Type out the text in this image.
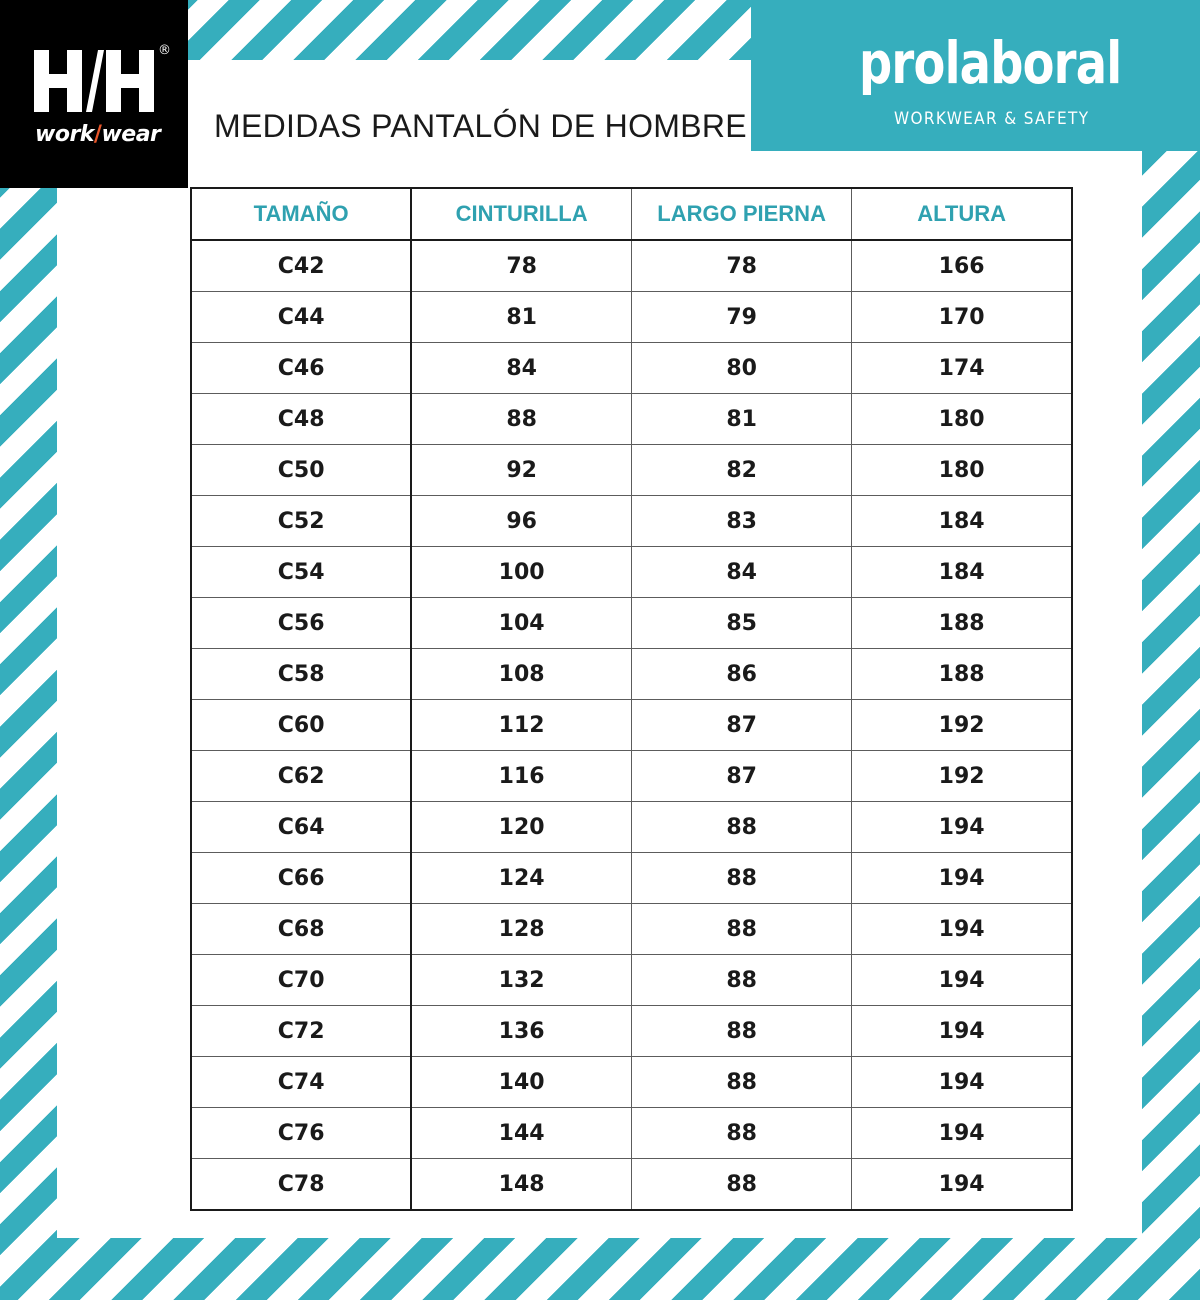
®
work/wear MEDIDAS PANTALÓN DE HOMBRE
prolaboral
WORKWEAR & SAFETY
TAMAÑO	CINTURILLA	LARGO PIERNA	ALTURA
C42	78	78	166
C44	81	79	170
C46	84	80	174
C48	88	81	180
C50	92	82	180
C52	96	83	184
C54	100	84	184
C56	104	85	188
C58	108	86	188
C60	112	87	192
C62	116	87	192
C64	120	88	194
C66	124	88	194
C68	128	88	194
C70	132	88	194
C72	136	88	194
C74	140	88	194
C76	144	88	194
C78	148	88	194
